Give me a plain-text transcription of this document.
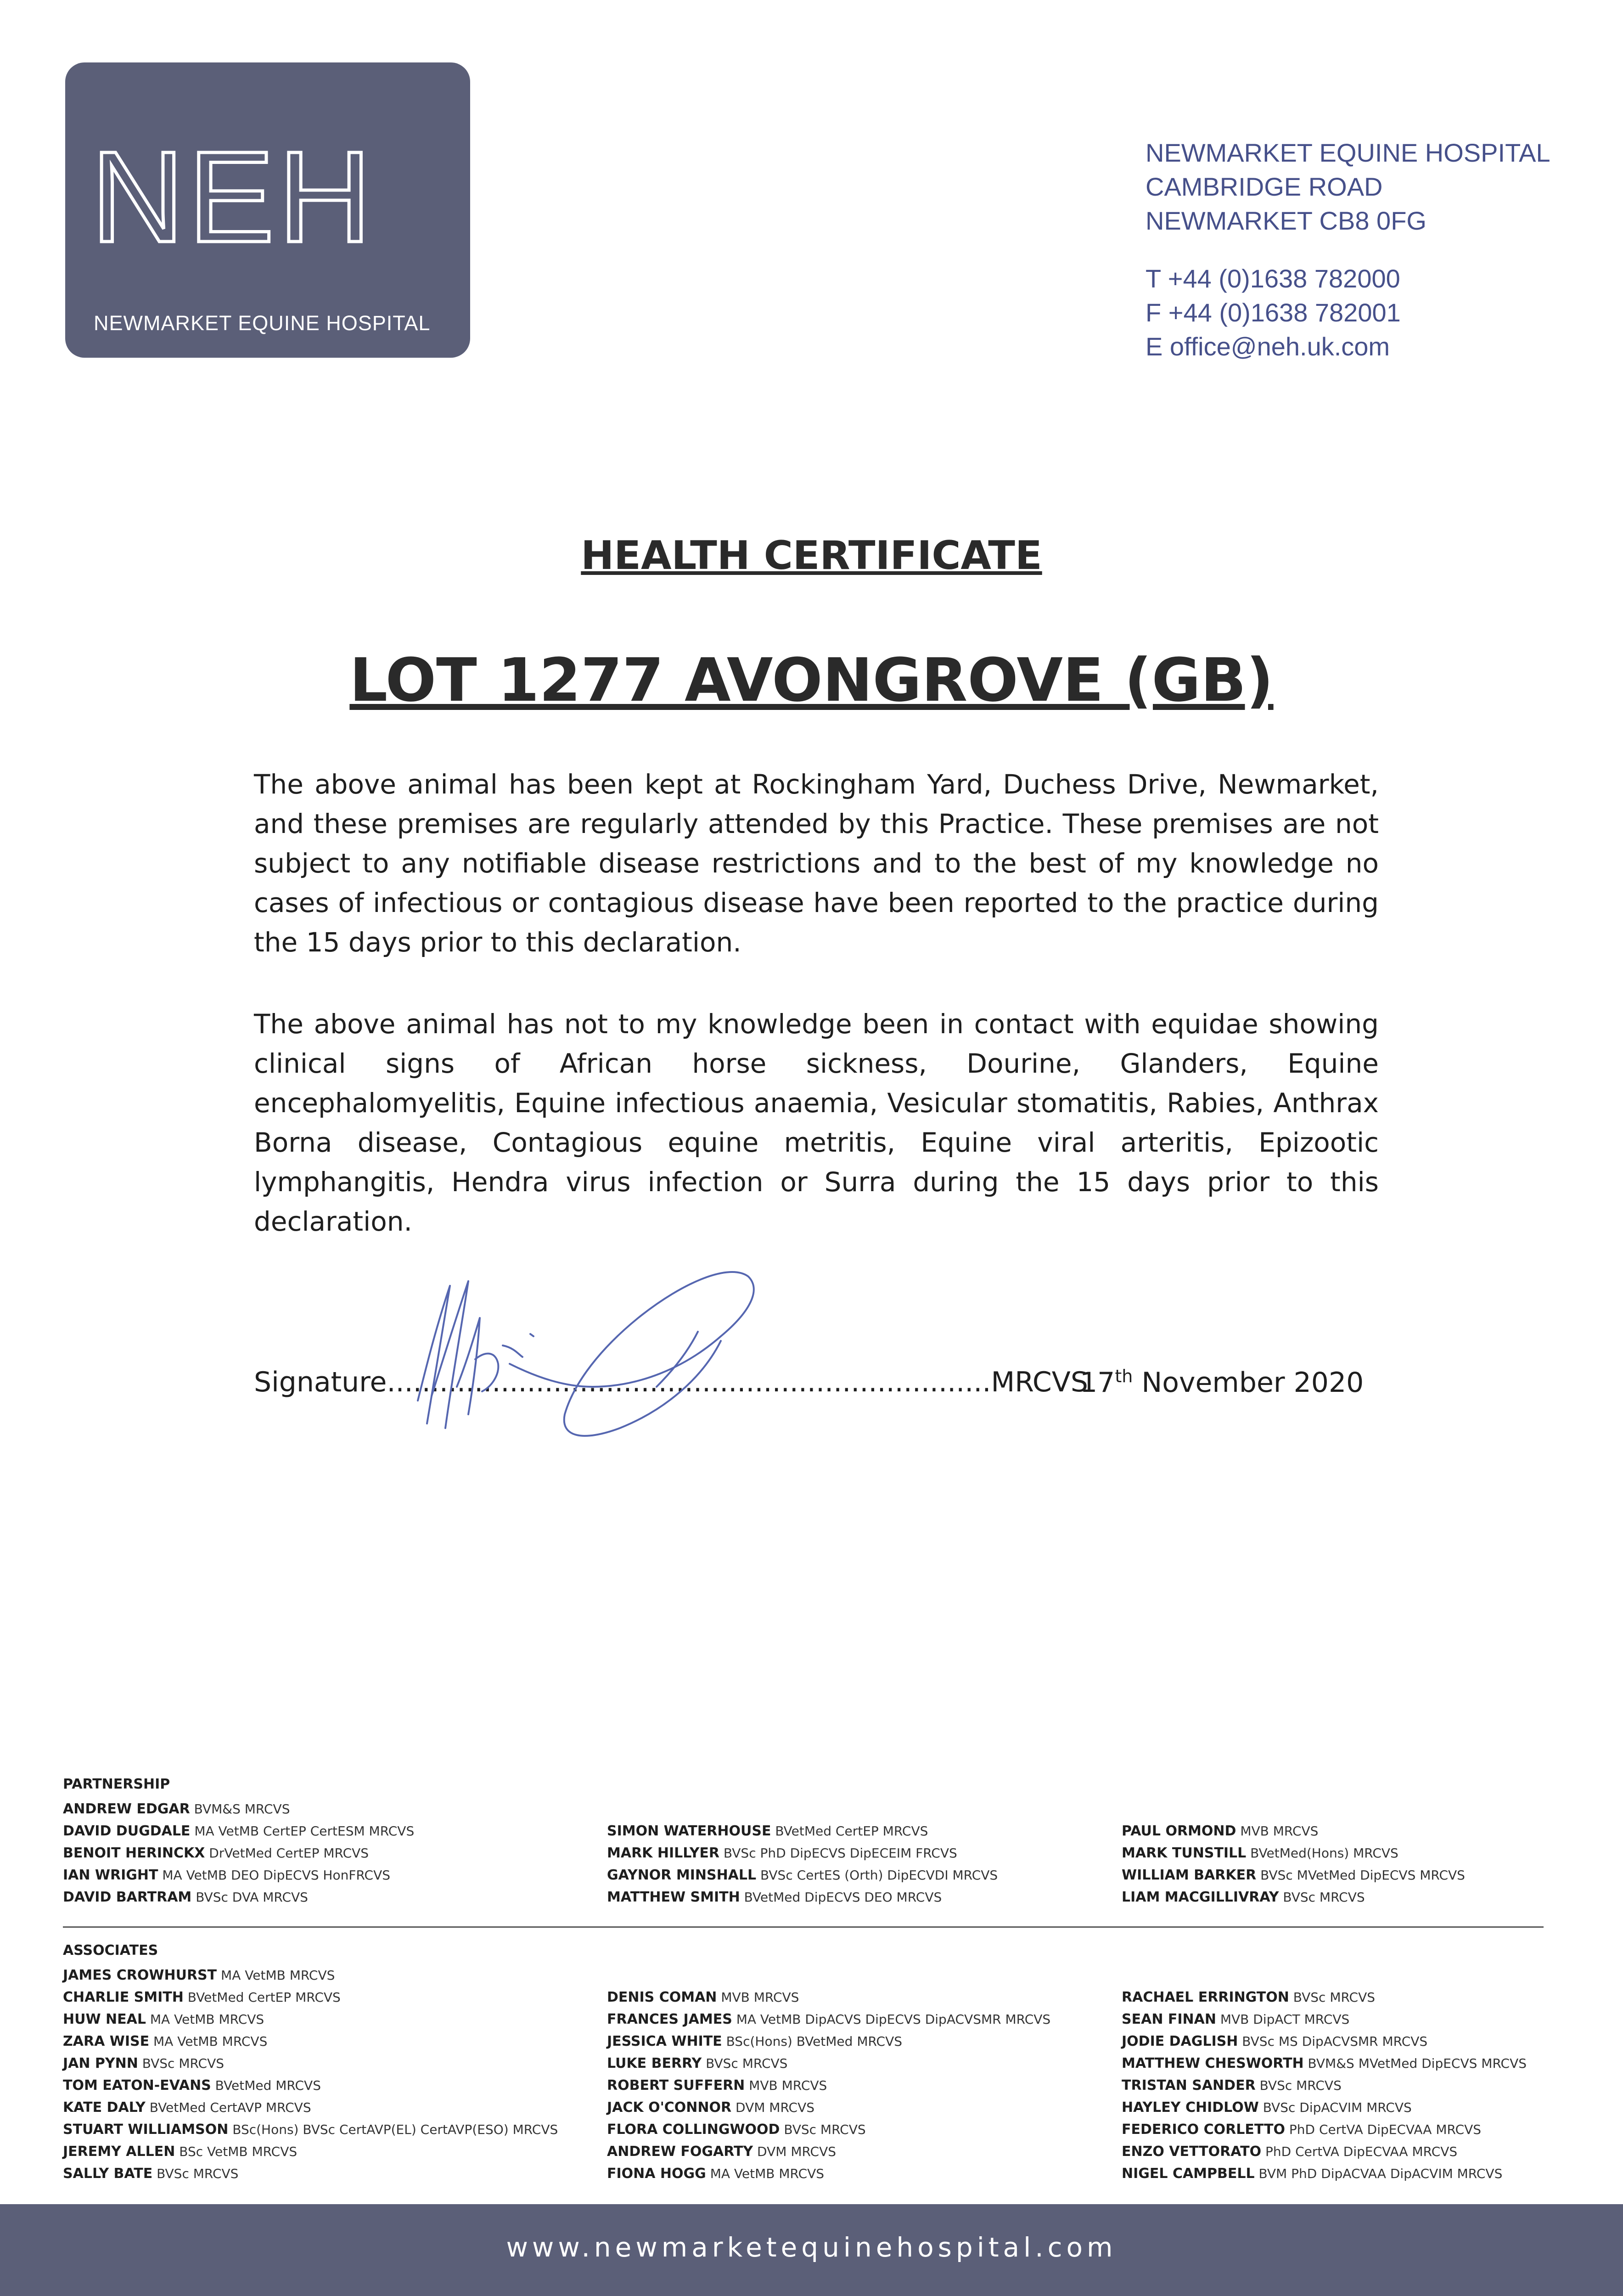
NEH
NEWMARKET EQUINE HOSPITAL
NEWMARKET EQUINE HOSPITAL
CAMBRIDGE ROAD
NEWMARKET CB8 0FG
T +44 (0)1638 782000
F +44 (0)1638 782001
E office@neh.uk.com
HEALTH CERTIFICATE
LOT 1277 AVONGROVE (GB)
The above animal has been kept at Rockingham Yard, Duchess Drive, Newmarket, and these premises are regularly attended by this Practice. These premises are not subject to any notifiable disease restrictions and to the best of my knowledge no cases of infectious or contagious disease have been reported to the practice during the 15 days prior to this declaration.
The above animal has not to my knowledge been in contact with equidae showing clinical signs of African horse sickness, Dourine, Glanders, Equine encephalomyelitis, Equine infectious anaemia, Vesicular stomatitis, Rabies, Anthrax Borna disease, Contagious equine metritis, Equine viral arteritis, Epizootic lymphangitis, Hendra virus infection or Surra during the 15 days prior to this declaration.
Signature.....................................................................MRCVS
17th November 2020
PARTNERSHIP
ANDREW EDGAR BVM&S MRCVS
DAVID DUGDALE MA VetMB CertEP CertESM MRCVS
BENOIT HERINCKX DrVetMed CertEP MRCVS
IAN WRIGHT MA VetMB DEO DipECVS HonFRCVS
DAVID BARTRAM BVSc DVA MRCVS
SIMON WATERHOUSE BVetMed CertEP MRCVS
MARK HILLYER BVSc PhD DipECVS DipECEIM FRCVS
GAYNOR MINSHALL BVSc CertES (Orth) DipECVDI MRCVS
MATTHEW SMITH BVetMed DipECVS DEO MRCVS
PAUL ORMOND MVB MRCVS
MARK TUNSTILL BVetMed(Hons) MRCVS
WILLIAM BARKER BVSc MVetMed DipECVS MRCVS
LIAM MACGILLIVRAY BVSc MRCVS
ASSOCIATES
JAMES CROWHURST MA VetMB MRCVS
CHARLIE SMITH BVetMed CertEP MRCVS
HUW NEAL MA VetMB MRCVS
ZARA WISE MA VetMB MRCVS
JAN PYNN BVSc MRCVS
TOM EATON-EVANS BVetMed MRCVS
KATE DALY BVetMed CertAVP MRCVS
STUART WILLIAMSON BSc(Hons) BVSc CertAVP(EL) CertAVP(ESO) MRCVS
JEREMY ALLEN BSc VetMB MRCVS
SALLY BATE BVSc MRCVS
DENIS COMAN MVB MRCVS
FRANCES JAMES MA VetMB DipACVS DipECVS DipACVSMR MRCVS
JESSICA WHITE BSc(Hons) BVetMed MRCVS
LUKE BERRY BVSc MRCVS
ROBERT SUFFERN MVB MRCVS
JACK O'CONNOR DVM MRCVS
FLORA COLLINGWOOD BVSc MRCVS
ANDREW FOGARTY DVM MRCVS
FIONA HOGG MA VetMB MRCVS
RACHAEL ERRINGTON BVSc MRCVS
SEAN FINAN MVB DipACT MRCVS
JODIE DAGLISH BVSc MS DipACVSMR MRCVS
MATTHEW CHESWORTH BVM&S MVetMed DipECVS MRCVS
TRISTAN SANDER BVSc MRCVS
HAYLEY CHIDLOW BVSc DipACVIM MRCVS
FEDERICO CORLETTO PhD CertVA DipECVAA MRCVS
ENZO VETTORATO PhD CertVA DipECVAA MRCVS
NIGEL CAMPBELL BVM PhD DipACVAA DipACVIM MRCVS
www.newmarketequinehospital.com
